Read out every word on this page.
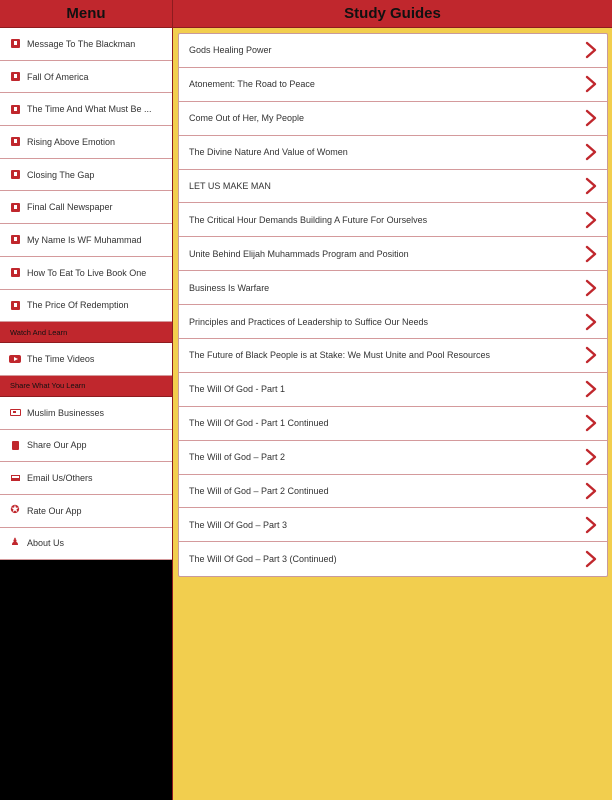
Menu
Message To The Blackman
Fall Of America
The Time And What Must Be ...
Rising Above Emotion
Closing The Gap
Final Call Newspaper
My Name Is WF Muhammad
How To Eat To Live Book One
The Price Of Redemption
Watch And Learn
The Time Videos
Share What You Learn
Muslim Businesses
Share Our App
Email Us/Others
✪ Rate Our App
♟ About Us
Study Guides
Gods Healing Power
Atonement: The Road to Peace
Come Out of Her, My People
The Divine Nature And Value of Women
LET US MAKE MAN
The Critical Hour Demands Building A Future For Ourselves
Unite Behind Elijah Muhammads Program and Position
Business Is Warfare
Principles and Practices of Leadership to Suffice Our Needs
The Future of Black People is at Stake: We Must Unite and Pool Resources
The Will Of God - Part 1
The Will Of God - Part 1 Continued
The Will of God – Part 2
The Will of God – Part 2 Continued
The Will Of God – Part 3
The Will Of God – Part 3 (Continued)
